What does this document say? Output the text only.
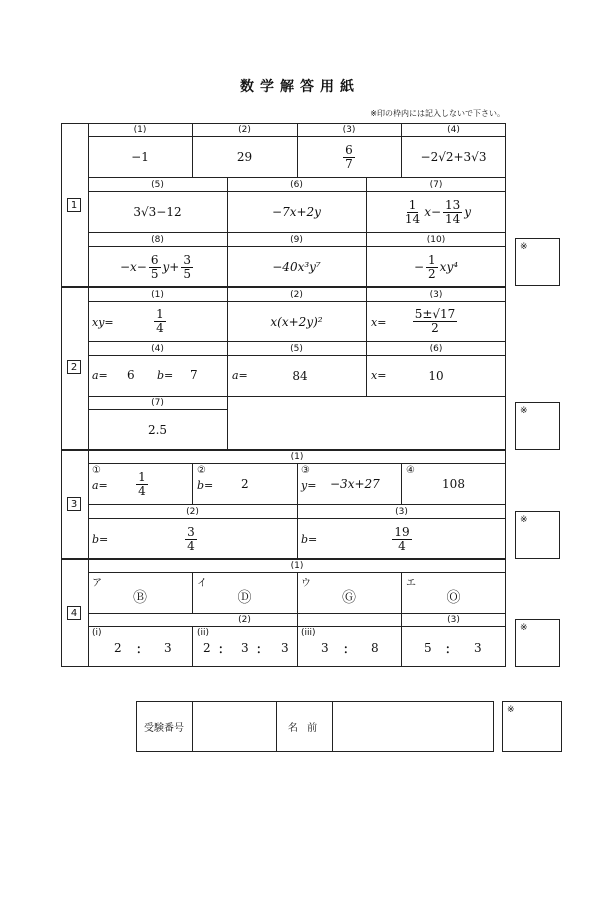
数学解答用紙
※印の枠内には記入しないで下さい。
1
(1)	(2)	(3)	(4)
−1	29	$\frac{6}{7}$	−2√2+3√3
(5)	(6)	(7)
3√3−12	−7x+2y	$\frac{1}{14} x- \frac{13}{14}$ y
(8)	(9)	(10)
$-x- \frac{6}{5} y+ \frac{3}{5}$	−40x³y⁷	− $\frac{1}{2} xy^4$
2
(1)	(2)	(3)
xy=	$\frac{1}{4}$	x(x+2y)²	$x= \frac{5\pm√17}{2}$
(4)	(5)	(6)
a= 6 b= 7	a=	84	x=	10
(7)
2.5
3
(1)
①
$a= \frac{1}{4}$
②
b= 2
③
y= −3x+27
④
108
(2)	(3)
b=	$\frac{3}{4}$	b=	$\frac{19}{4}$
4
(1)
ア
Ⓑ
イ
Ⓓ
ウ
Ⓖ
エ
Ⓞ
(2)	(3)
(i)
2 ： 3
(ii)
2 ： 3 ： 3
(iii)
3 ： 8	5 ： 3
※
※
※
※
受験番号	名 前
※
